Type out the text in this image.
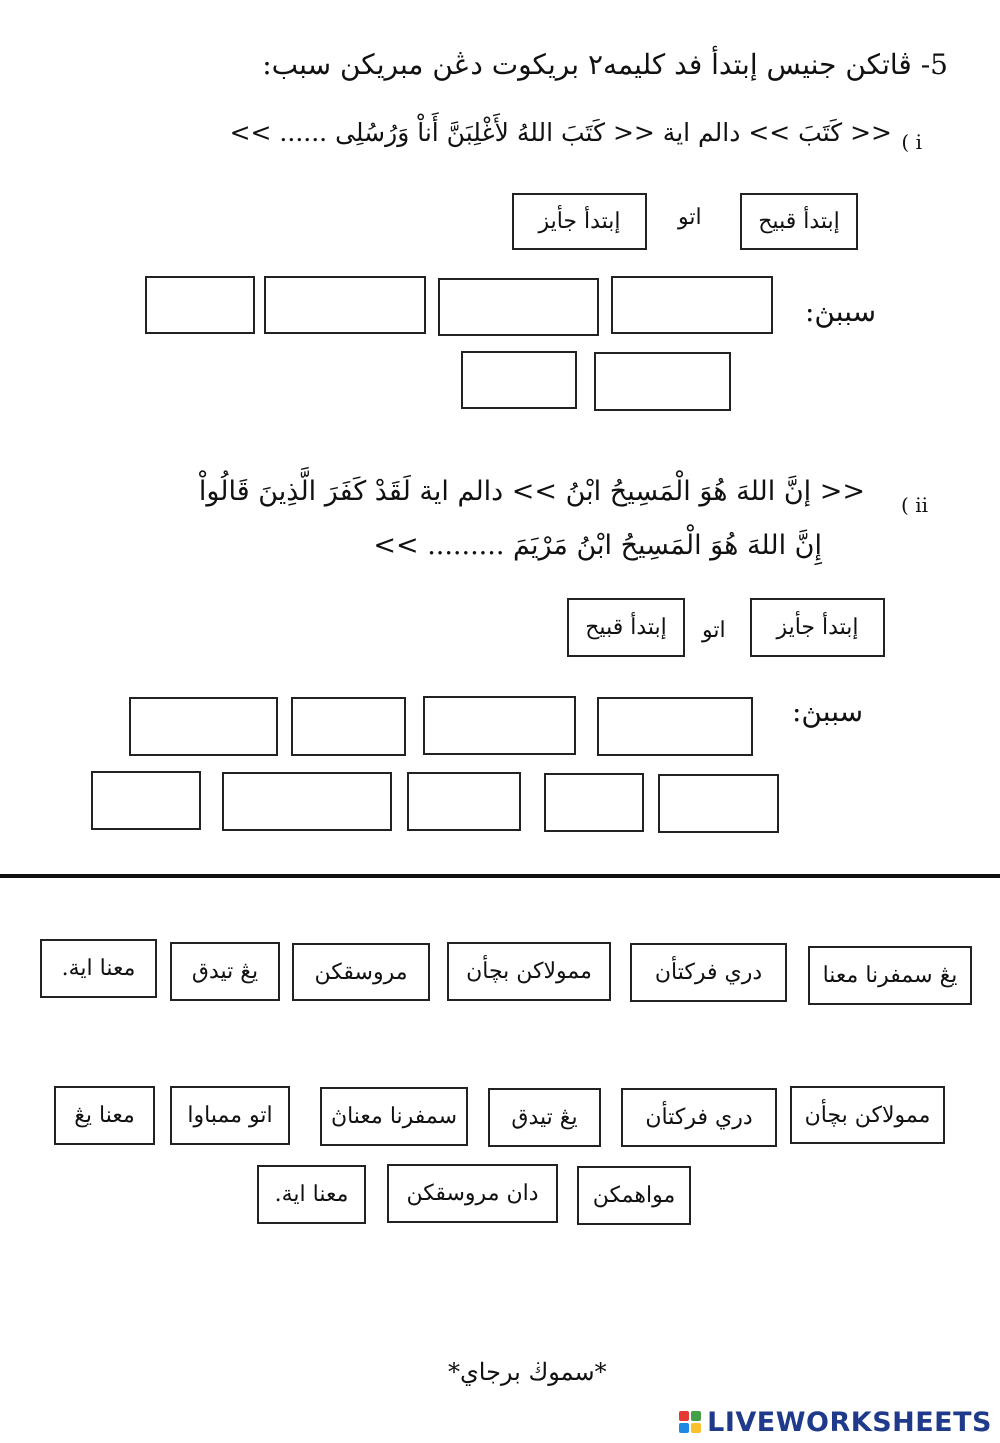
5- ڤاتكن جنيس إبتدأ فد كليمه٢ بريكوت دڠن مبريكن سبب:
i )
<< كَتَبَ >> دالم اية << كَتَبَ اللهُ لأَغْلِبَنَّ أَناْ وَرُسُلِى ...... >>
إبتدأ قبيح
اتو
إبتدأ جأيز
سببڽ:
ii )
<< إنَّ اللهَ هُوَ الْمَسِيحُ ابْنُ >> دالم اية لَقَدْ كَفَرَ الَّذِينَ قَالُواْ
إِنَّ اللهَ هُوَ الْمَسِيحُ ابْنُ مَرْيَمَ ......... >>
إبتدأ جأيز
اتو
إبتدأ قبيح
سببڽ:
يڠ سمفرنا معنا
دري فركتأن
ممولاكن بچأن
مروسقكن
يڠ تيدق
معنا اية.
ممولاكن بچأن
دري فركتأن
يڠ تيدق
سمفرنا معناڽ
اتو ممباوا
معنا يڠ
مواهمكن
دان مروسقكن
معنا اية.
*سموڬ برجاي*
LIVEWORKSHEETS
